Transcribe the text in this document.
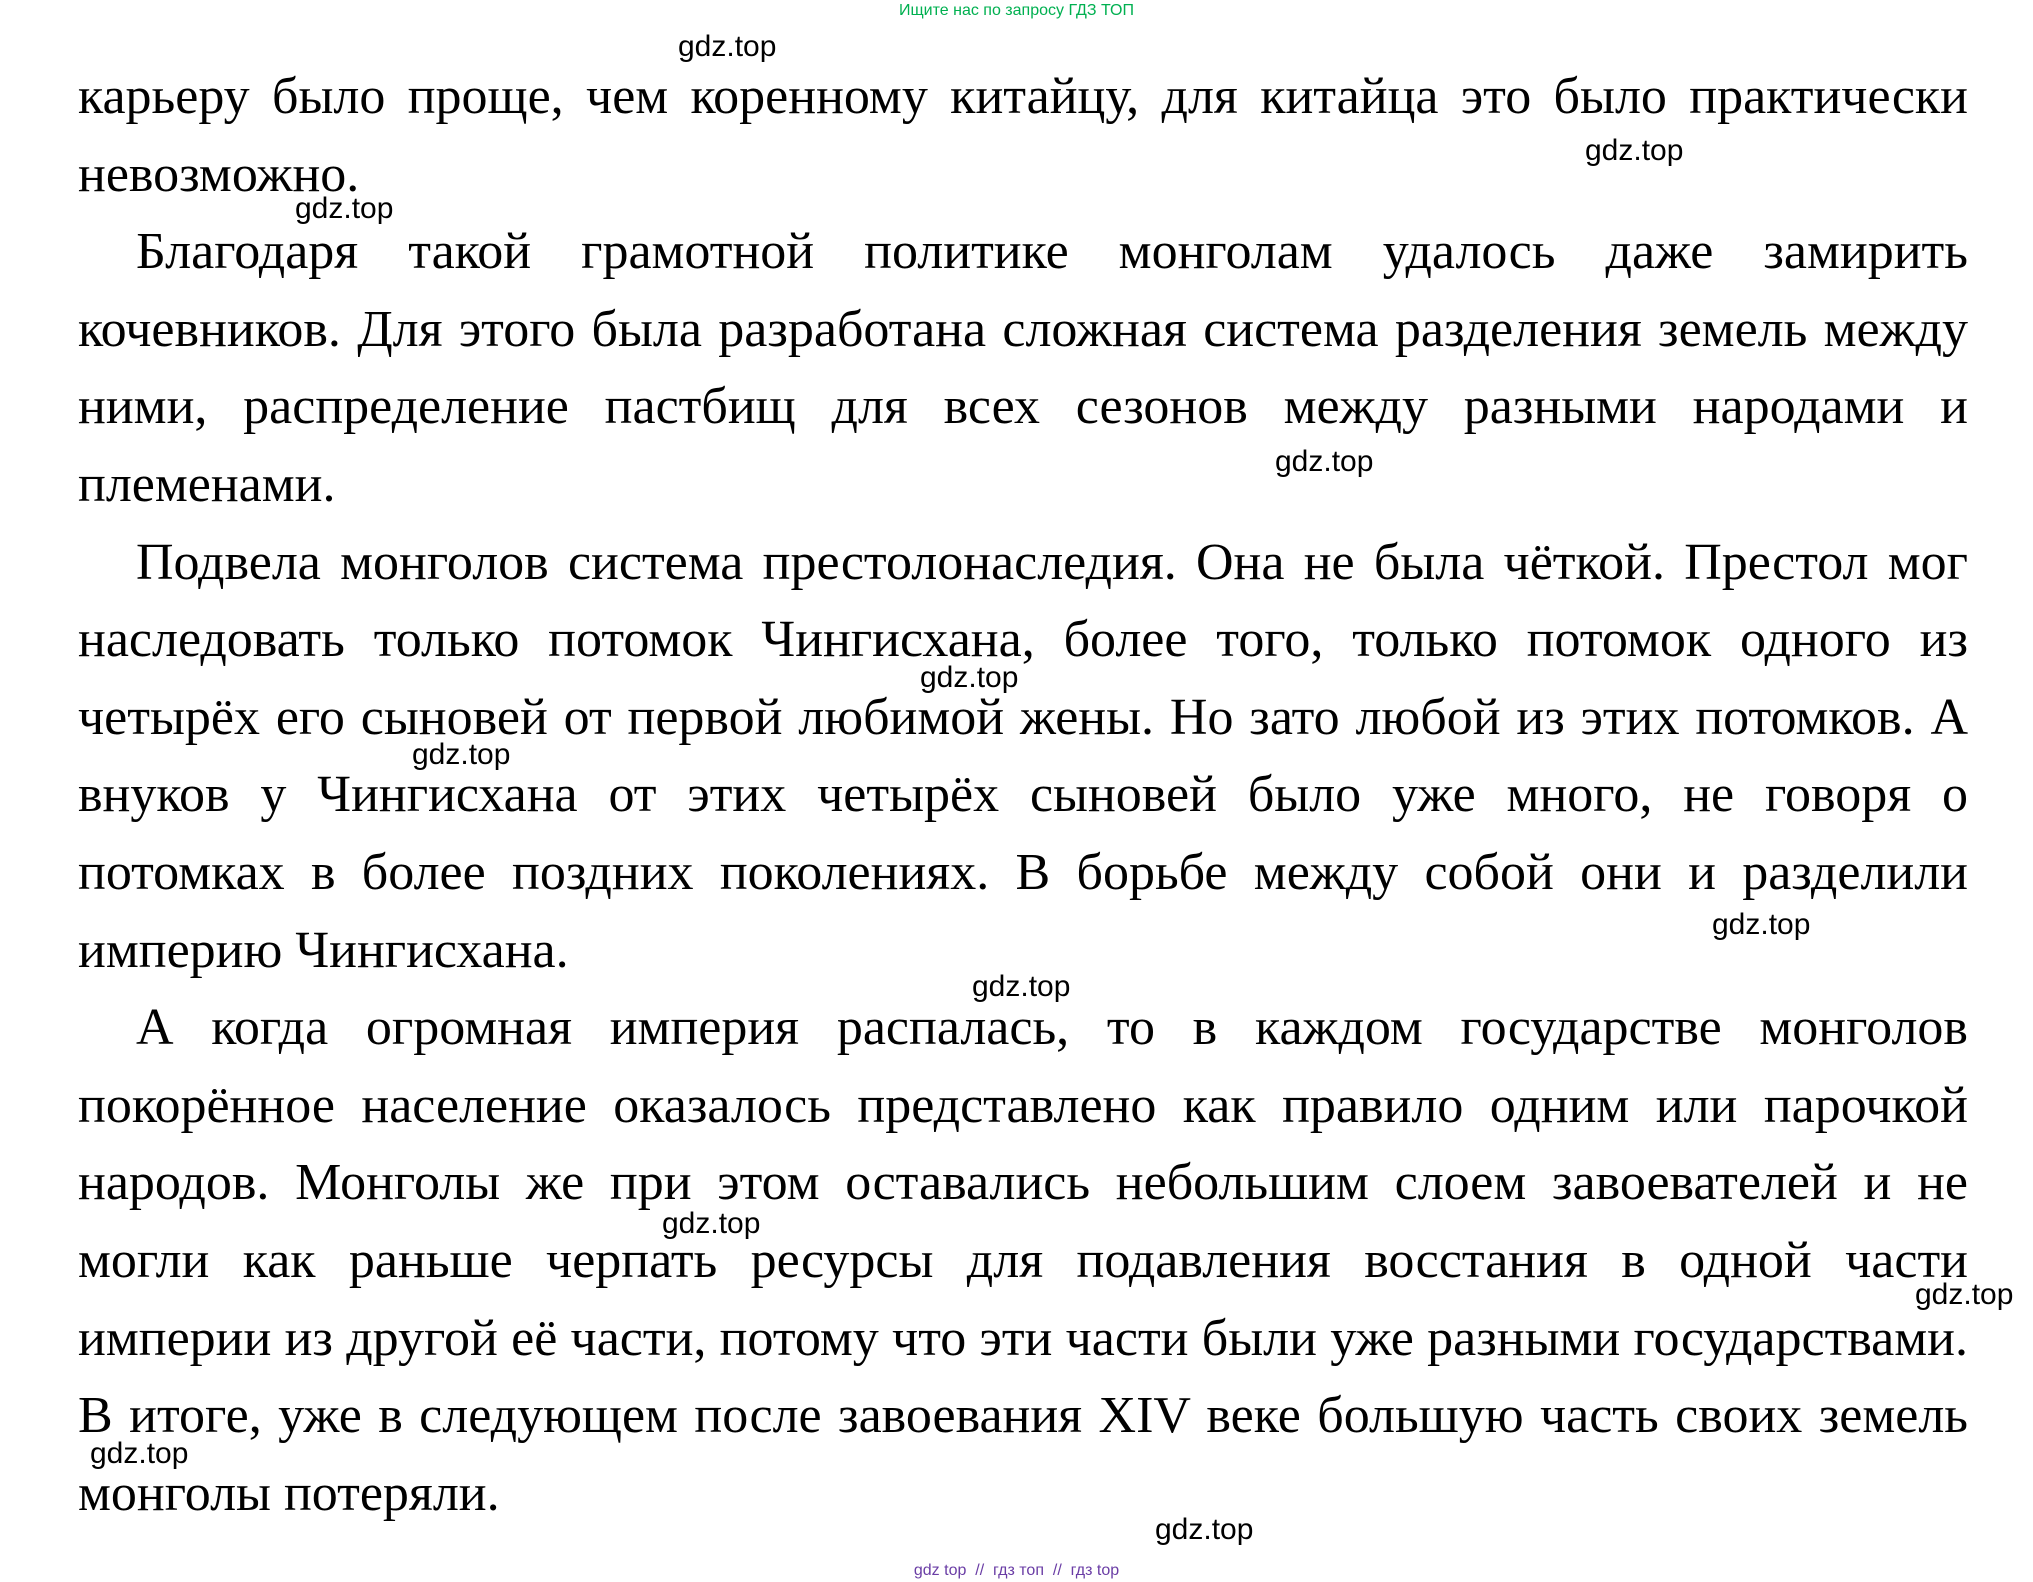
Ищите нас по запросу ГДЗ ТОП

карьеру было проще, чем коренному китайцу, для китайца это было практически невозможно.

Благодаря такой грамотной политике монголам удалось даже замирить кочевников. Для этого была разработана сложная система разделения земель между ними, распределение пастбищ для всех сезонов между разными народами и племенами.

Подвела монголов система престолонаследия. Она не была чёткой. Престол мог наследовать только потомок Чингисхана, более того, только потомок одного из четырёх его сыновей от первой любимой жены. Но зато любой из этих потомков. А внуков у Чингисхана от этих четырёх сыновей было уже много, не говоря о потомках в более поздних поколениях. В борьбе между собой они и разделили империю Чингисхана.

А когда огромная империя распалась, то в каждом государстве монголов покорённое население оказалось представлено как правило одним или парочкой народов. Монголы же при этом оставались небольшим слоем завоевателей и не могли как раньше черпать ресурсы для подавления восстания в одной части империи из другой её части, потому что эти части были уже разными государствами. В итоге, уже в следующем после завоевания XIV веке большую часть своих земель монголы потеряли.

gdz.top
gdz.top
gdz.top
gdz.top
gdz.top
gdz.top
gdz.top
gdz.top
gdz.top
gdz.top
gdz.top
gdz.top
gdz top  //  гдз топ  //  гдз top
